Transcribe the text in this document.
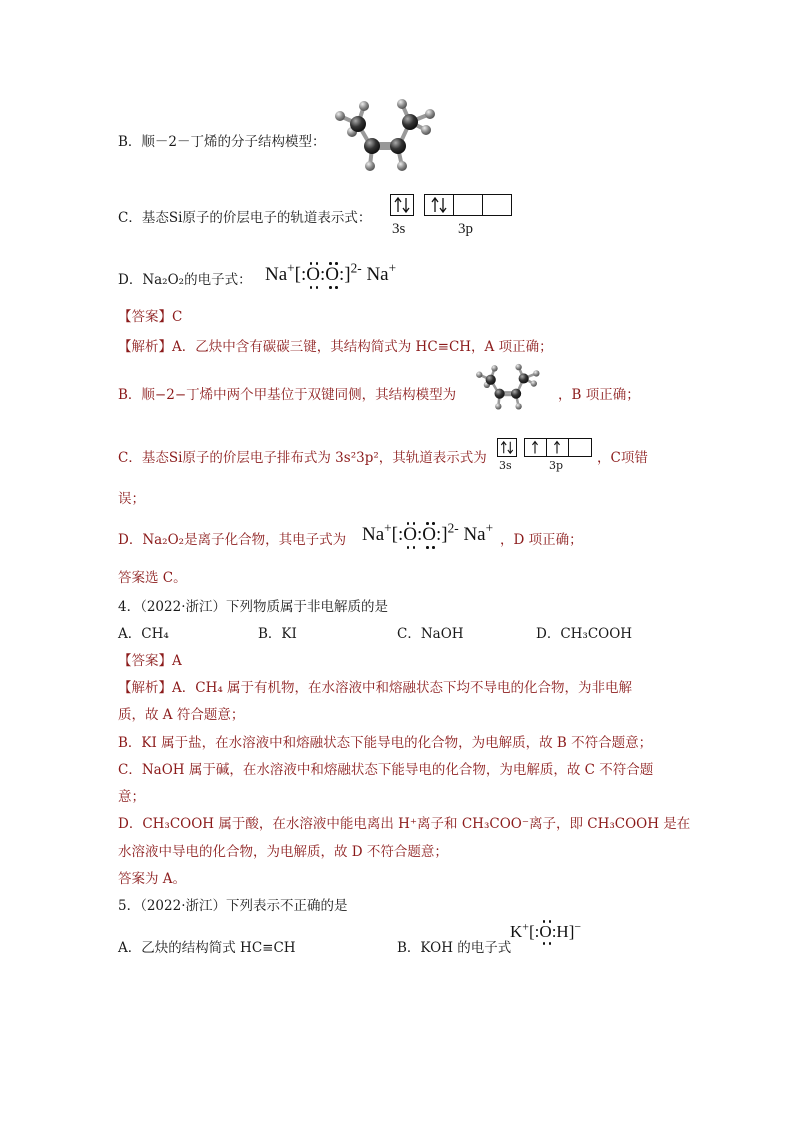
B．顺－2－丁烯的分子结构模型：
C．基态Si原子的价层电子的轨道表示式：
3s	3p
D．Na₂O₂的电子式： Na+[:O
:O
:]$^{2-}$ Na+
【答案】C
【解析】A．乙炔中含有碳碳三键，其结构简式为 HC≡CH，A 项正确；
B．顺−2−丁烯中两个甲基位于双键同侧，其结构模型为	，B 项正确；
C．基态Si原子的价层电子排布式为 3s²3p²，其轨道表示式为 3s	3p	，C项错
误；
D．Na₂O₂是离子化合物，其电子式为 Na+[:O
:O
:]$^{2-}$ Na+
，D 项正确；
答案选 C。
4．（2022·浙江）下列物质属于非电解质的是
A．CH₄	B．KI	C．NaOH	D．CH₃COOH
【答案】A
【解析】A．CH₄ 属于有机物，在水溶液中和熔融状态下均不导电的化合物，为非电解
质，故 A 符合题意；
B．KI 属于盐，在水溶液中和熔融状态下能导电的化合物，为电解质，故 B 不符合题意；
C．NaOH 属于碱，在水溶液中和熔融状态下能导电的化合物，为电解质，故 C 不符合题
意；
D．CH₃COOH 属于酸，在水溶液中能电离出 H⁺离子和 CH₃COO⁻离子，即 CH₃COOH 是在
水溶液中导电的化合物，为电解质，故 D 不符合题意；
答案为 A。
5．（2022·浙江）下列表示不正确的是
A．乙炔的结构简式 HC≡CH	B．KOH 的电子式
K+[:O
:H]−
